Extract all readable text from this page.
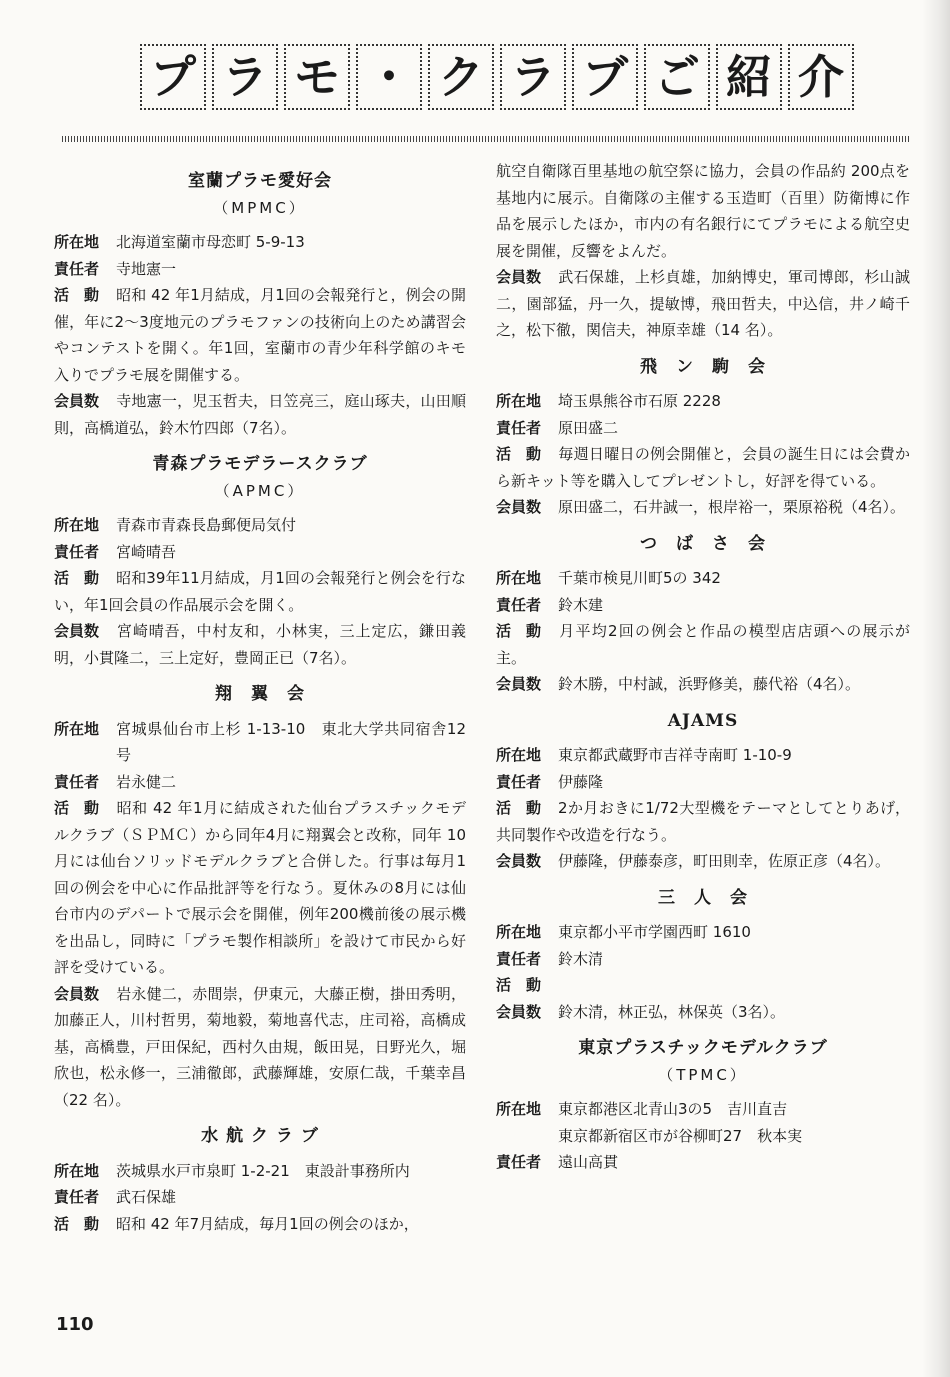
プ ラ モ ・ ク ラ ブ ご 紹 介
室蘭プラモ愛好会
（MPMC）
所在地	北海道室蘭市母恋町 5-9-13
責任者	寺地憲一
活　動 昭和 42 年1月結成，月1回の会報発行と，例会の開催，年に2～3度地元のプラモファンの技術向上のため講習会やコンテストを開く。年1回，室蘭市の青少年科学館のキモ入りでプラモ展を開催する。
会員数 寺地憲一，児玉哲夫，日笠亮三，庭山琢夫，山田順則，高橋道弘，鈴木竹四郎（7名）。
青森プラモデラースクラブ
（APMC）
所在地	青森市青森長島郵便局気付
責任者	宮崎晴吾
活　動 昭和39年11月結成，月1回の会報発行と例会を行ない，年1回会員の作品展示会を開く。
会員数 宮崎晴吾，中村友和，小林実，三上定広，鎌田義明，小貫隆二，三上定好，豊岡正已（7名）。
翔　翼　会
所在地	宮城県仙台市上杉 1-13-10　東北大学共同宿舎12号
責任者	岩永健二
活　動 昭和 42 年1月に結成された仙台プラスチックモデルクラブ（ＳＰＭＣ）から同年4月に翔翼会と改称，同年 10 月には仙台ソリッドモデルクラブと合併した。行事は毎月1回の例会を中心に作品批評等を行なう。夏休みの8月には仙台市内のデパートで展示会を開催，例年200機前後の展示機を出品し，同時に「プラモ製作相談所」を設けて市民から好評を受けている。
会員数 岩永健二，赤間崇，伊東元，大藤正樹，掛田秀明，加藤正人，川村哲男，菊地毅，菊地喜代志，庄司裕，高橋成基，高橋豊，戸田保紀，西村久由規，飯田晃，日野光久，堀欣也，松永修一，三浦徹郎，武藤輝雄，安原仁哉，千葉幸昌（22 名）。
水 航 ク ラ ブ
所在地	茨城県水戸市泉町 1-2-21　東設計事務所内
責任者	武石保雄
活　動 昭和 42 年7月結成，毎月1回の例会のほか，
航空自衛隊百里基地の航空祭に協力，会員の作品約 200点を基地内に展示。自衛隊の主催する玉造町（百里）防衛博に作品を展示したほか，市内の有名銀行にてプラモによる航空史展を開催，反響をよんだ。
会員数 武石保雄，上杉貞雄，加納博史，軍司博郎，杉山誠二，園部猛，丹一久，提敏博，飛田哲夫，中込信，井ノ崎千之，松下徹，関信夫，神原幸雄（14 名）。
飛　ン　駒　会
所在地	埼玉県熊谷市石原 2228
責任者	原田盛二
活　動 毎週日曜日の例会開催と，会員の誕生日には会費から新キット等を購入してプレゼントし，好評を得ている。
会員数 原田盛二，石井誠一，根岸裕一，栗原裕税（4名）。
つ　ば　さ　会
所在地	千葉市検見川町5の 342
責任者	鈴木建
活　動 月平均2回の例会と作品の模型店店頭への展示が主。
会員数 鈴木勝，中村誠，浜野修美，藤代裕（4名）。
AJAMS
所在地	東京都武蔵野市吉祥寺南町 1-10-9
責任者	伊藤隆
活　動 2か月おきに1/72大型機をテーマとしてとりあげ，共同製作や改造を行なう。
会員数 伊藤隆，伊藤泰彦，町田則幸，佐原正彦（4名）。
三　人　会
所在地	東京都小平市学園西町 1610
責任者	鈴木清
活　動
会員数 鈴木清，林正弘，林保英（3名）。
東京プラスチックモデルクラブ
（TPMC）
所在地	東京都港区北青山3の5　吉川直吉
東京都新宿区市が谷柳町27　秋本実
責任者	遠山高貫
110
